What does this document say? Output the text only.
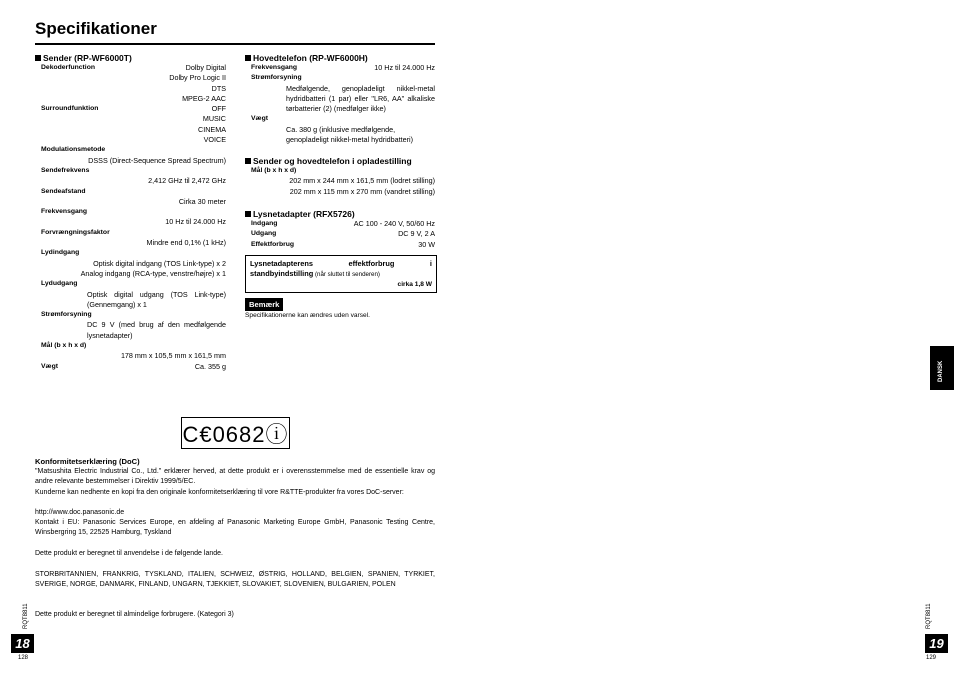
Specifikationer
Sender (RP-WF6000T)
Dekoderfunction	Dolby Digital
Dolby Pro Logic II
DTS
MPEG-2 AAC
Surroundfunktion	OFF
MUSIC
CINEMA
VOICE
Modulationsmetode
DSSS (Direct-Sequence Spread Spectrum)
Sendefrekvens
2,412 GHz til 2,472 GHz
Sendeafstand
Cirka 30 meter
Frekvensgang
10 Hz til 24.000 Hz
Forvrængningsfaktor
Mindre end 0,1% (1 kHz)
Lydindgang
Optisk digital indgang (TOS Link-type) x 2
Analog indgang (RCA-type, venstre/højre) x 1
Lydudgang
Optisk digital udgang (TOS Link-type) (Gennemgang) x 1
Strømforsyning
DC 9 V (med brug af den medfølgende lysnetadapter)
Mål (b x h x d)
178 mm x 105,5 mm x 161,5 mm
Vægt	Ca. 355 g
Hovedtelefon (RP-WF6000H)
Frekvensgang	10 Hz til 24.000 Hz
Strømforsyning
Medfølgende, genopladeligt nikkel-metal hydridbatteri (1 par) eller "LR6, AA" alkaliske tørbatterier (2) (medfølger ikke)
Vægt
Ca. 380 g (inklusive medfølgende, genopladeligt nikkel-metal hydridbatteri)
Sender og hovedtelefon i opladestilling
Mål (b x h x d)
202 mm x 244 mm x 161,5 mm (lodret stilling)
202 mm x 115 mm x 270 mm (vandret stilling)
Lysnetadapter (RFX5726)
Indgang	AC 100 - 240 V, 50/60 Hz
Udgang	DC 9 V, 2 A
Effektforbrug	30 W
Lysnetadapterens	effektforbrug	i
standbyindstilling (når sluttet til senderen)
cirka 1,8 W
Bemærk
Specifikationerne kan ændres uden varsel.
C€0682ⓘ
Konformitetserklæring (DoC)
"Matsushita Electric Industrial Co., Ltd." erklærer herved, at dette produkt er i overensstemmelse med de essentielle krav og andre relevante bestemmelser i Direktiv 1999/5/EC.
Kunderne kan nedhente en kopi fra den originale konformitetserklæring til vore R&TTE-produkter fra vores DoC-server:
http://www.doc.panasonic.de
Kontakt i EU: Panasonic Services Europe, en afdeling af Panasonic Marketing Europe GmbH, Panasonic Testing Centre, Winsbergring 15, 22525 Hamburg, Tyskland
Dette produkt er beregnet til anvendelse i de følgende lande.
STORBRITANNIEN, FRANKRIG, TYSKLAND, ITALIEN, SCHWEIZ, ØSTRIG, HOLLAND, BELGIEN, SPANIEN, TYRKIET, SVERIGE, NORGE, DANMARK, FINLAND, UNGARN, TJEKKIET, SLOVAKIET, SLOVENIEN, BULGARIEN, POLEN
Dette produkt er beregnet til almindelige forbrugere. (Kategori 3)
RQT8811
18
128
DANSK
RQT8811
19
129
